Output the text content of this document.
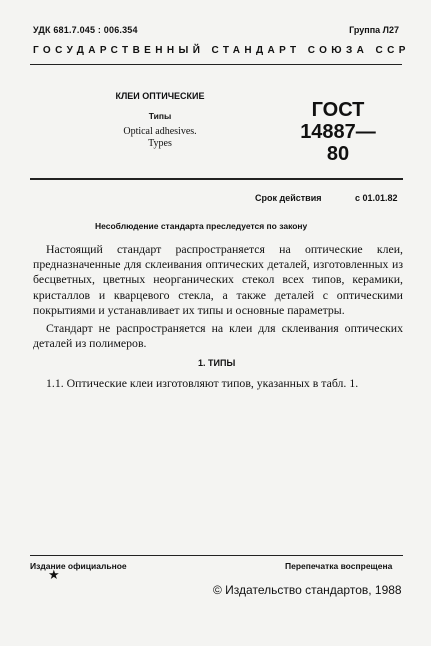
УДК 681.7.045 : 006.354	Группа Л27
ГОСУДАРСТВЕННЫЙ СТАНДАРТ СОЮЗА ССР
КЛЕИ ОПТИЧЕСКИЕ
Типы
Optical adhesives.
Types
ГОСТ
14887—80
Срок действия	с 01.01.82
Несоблюдение стандарта преследуется по закону
Настоящий стандарт распространяется на оптические клеи, предназначенные для склеивания оптических деталей, изготовленных из бесцветных, цветных неорганических стекол всех типов, керамики, кристаллов и кварцевого стекла, а также деталей с оптическими покрытиями и устанавливает их типы и основные параметры.
Стандарт не распространяется на клеи для склеивания оптических деталей из полимеров.
1. ТИПЫ
1.1. Оптические клеи изготовляют типов, указанных в табл. 1.
Издание официальное	Перепечатка воспрещена
★
© Издательство стандартов, 1988
